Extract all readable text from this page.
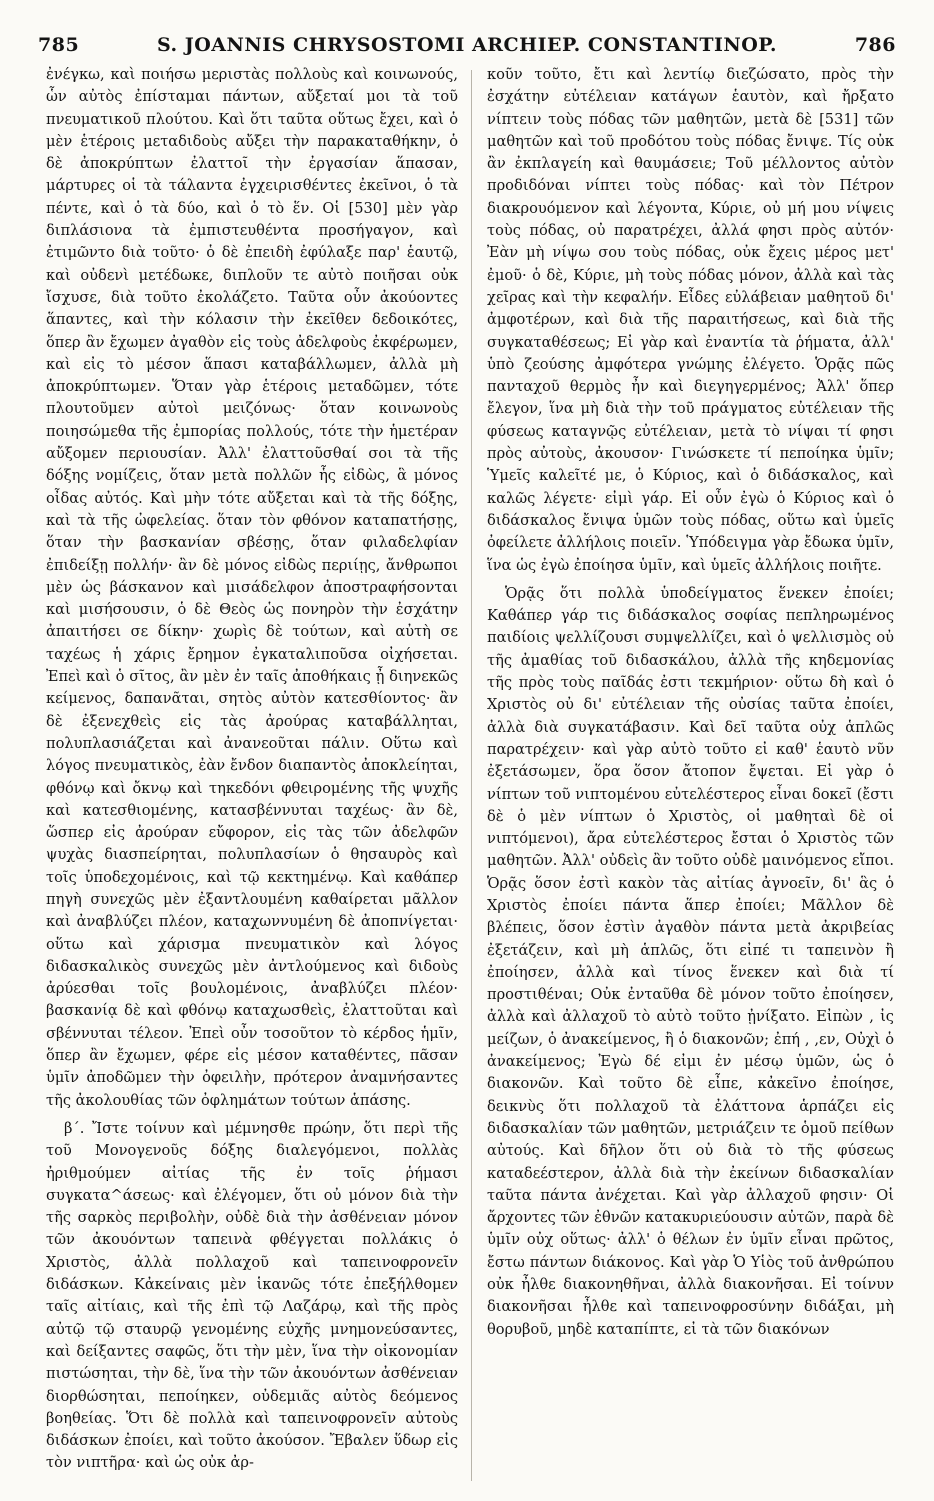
785	S. JOANNIS CHRYSOSTOMI ARCHIEP. CONSTANTINOP.	786

ἐνέγκω, καὶ ποιήσω μεριστὰς πολλοὺς καὶ κοινωνούς, ὧν αὐτὸς ἐπίσταμαι πάντων, αὔξεταί μοι τὰ τοῦ πνευματικοῦ πλούτου. Καὶ ὅτι ταῦτα οὕτως ἔχει, καὶ ὁ μὲν ἑτέροις μεταδιδοὺς αὔξει τὴν παρακαταθήκην, ὁ δὲ ἀποκρύπτων ἐλαττοῖ τὴν ἐργασίαν ἅπασαν, μάρτυρες οἱ τὰ τάλαντα ἐγχειρισθέντες ἐκεῖνοι, ὁ τὰ πέντε, καὶ ὁ τὰ δύο, καὶ ὁ τὸ ἕν. Οἱ [530] μὲν γὰρ διπλάσιονα τὰ ἐμπιστευθέντα προσήγαγον, καὶ ἐτιμῶντο διὰ τοῦτο· ὁ δὲ ἐπειδὴ ἐφύλαξε παρ' ἑαυτῷ, καὶ οὐδενὶ μετέδωκε, διπλοῦν τε αὐτὸ ποιῆσαι οὐκ ἴσχυσε, διὰ τοῦτο ἐκολάζετο. Ταῦτα οὖν ἀκούοντες ἅπαντες, καὶ τὴν κόλασιν τὴν ἐκεῖθεν δεδοικότες, ὅπερ ἂν ἔχωμεν ἀγαθὸν εἰς τοὺς ἀδελφοὺς ἐκφέρωμεν, καὶ εἰς τὸ μέσον ἅπασι καταβάλλωμεν, ἀλλὰ μὴ ἀποκρύπτωμεν. Ὅταν γὰρ ἑτέροις μεταδῶμεν, τότε πλουτοῦμεν αὐτοὶ μειζόνως· ὅταν κοινωνοὺς ποιησώμεθα τῆς ἐμπορίας πολλούς, τότε τὴν ἡμετέραν αὔξομεν περιουσίαν. Ἀλλ' ἐλαττοῦσθαί σοι τὰ τῆς δόξης νομίζεις, ὅταν μετὰ πολλῶν ἧς εἰδὼς, ἃ μόνος οἶδας αὐτός. Καὶ μὴν τότε αὔξεται καὶ τὰ τῆς δόξης, καὶ τὰ τῆς ὠφελείας. ὅταν τὸν φθόνον καταπατήσῃς, ὅταν τὴν βασκανίαν σβέσῃς, ὅταν φιλαδελφίαν ἐπιδείξῃ πολλήν· ἂν δὲ μόνος εἰδὼς περιίῃς, ἄνθρωποι μὲν ὡς βάσκανον καὶ μισάδελφον ἀποστραφήσονται καὶ μισήσουσιν, ὁ δὲ Θεὸς ὡς πονηρὸν τὴν ἐσχάτην ἀπαιτήσει σε δίκην· χωρὶς δὲ τούτων, καὶ αὐτὴ σε ταχέως ἡ χάρις ἔρημον ἐγκαταλιποῦσα οἰχήσεται. Ἐπεὶ καὶ ὁ σῖτος, ἂν μὲν ἐν ταῖς ἀποθήκαις ᾖ διηνεκῶς κείμενος, δαπανᾶται, σητὸς αὐτὸν κατεσθίοντος· ἂν δὲ ἐξενεχθεὶς εἰς τὰς ἀρούρας καταβάλληται, πολυπλασιάζεται καὶ ἀνανεοῦται πάλιν. Οὕτω καὶ λόγος πνευματικὸς, ἐὰν ἔνδον διαπαντὸς ἀποκλείηται, φθόνῳ καὶ ὄκνῳ καὶ τηκεδόνι φθειρομένης τῆς ψυχῆς καὶ κατεσθιομένης, κατασβέννυται ταχέως· ἂν δὲ, ὥσπερ εἰς ἀρούραν εὔφορον, εἰς τὰς τῶν ἀδελφῶν ψυχὰς διασπείρηται, πολυπλασίων ὁ θησαυρὸς καὶ τοῖς ὑποδεχομένοις, καὶ τῷ κεκτημένῳ. Καὶ καθάπερ πηγὴ συνεχῶς μὲν ἐξαντλουμένη καθαίρεται μᾶλλον καὶ ἀναβλύζει πλέον, καταχωννυμένη δὲ ἀποπνίγεται· οὕτω καὶ χάρισμα πνευματικὸν καὶ λόγος διδασκαλικὸς συνεχῶς μὲν ἀντλούμενος καὶ διδοὺς ἀρύεσθαι τοῖς βουλομένοις, ἀναβλύζει πλέον· βασκανίᾳ δὲ καὶ φθόνῳ καταχωσθεὶς, ἐλαττοῦται καὶ σβέννυται τέλεον. Ἐπεὶ οὖν τοσοῦτον τὸ κέρδος ἡμῖν, ὅπερ ἂν ἔχωμεν, φέρε εἰς μέσον καταθέντες, πᾶσαν ὑμῖν ἀποδῶμεν τὴν ὀφειλὴν, πρότερον ἀναμνήσαντες τῆς ἀκολουθίας τῶν ὀφλημάτων τούτων ἁπάσης.

β΄. Ἴστε τοίνυν καὶ μέμνησθε πρώην, ὅτι περὶ τῆς τοῦ Μονογενοῦς δόξης διαλεγόμενοι, πολλὰς ἠριθμούμεν αἰτίας τῆς ἐν τοῖς ῥήμασι συγκατα^άσεως· καὶ ἐλέγομεν, ὅτι οὐ μόνον διὰ τὴν τῆς σαρκὸς περιβολὴν, οὐδὲ διὰ τὴν ἀσθένειαν μόνον τῶν ἀκουόντων ταπεινὰ φθέγγεται πολλάκις ὁ Χριστὸς, ἀλλὰ πολλαχοῦ καὶ ταπεινοφρονεῖν διδάσκων. Κἀκείναις μὲν ἱκανῶς τότε ἐπεξήλθομεν ταῖς αἰτίαις, καὶ τῆς ἐπὶ τῷ Λαζάρῳ, καὶ τῆς πρὸς αὐτῷ τῷ σταυρῷ γενομένης εὐχῆς μνημονεύσαντες, καὶ δείξαντες σαφῶς, ὅτι τὴν μὲν, ἵνα τὴν οἰκονομίαν πιστώσηται, τὴν δὲ, ἵνα τὴν τῶν ἀκουόντων ἀσθένειαν διορθώσηται, πεποίηκεν, οὐδεμιᾶς αὐτὸς δεόμενος βοηθείας. Ὅτι δὲ πολλὰ καὶ ταπεινοφρονεῖν αὐτοὺς διδάσκων ἐποίει, καὶ τοῦτο ἀκούσον. Ἔβαλεν ὕδωρ εἰς τὸν νιπτῆρα· καὶ ὡς οὐκ ἀρ-

κοῦν τοῦτο, ἔτι καὶ λεντίῳ διεζώσατο, πρὸς τὴν ἐσχάτην εὐτέλειαν κατάγων ἑαυτὸν, καὶ ἤρξατο νίπτειν τοὺς πόδας τῶν μαθητῶν, μετὰ δὲ [531] τῶν μαθητῶν καὶ τοῦ προδότου τοὺς πόδας ἔνιψε. Τίς οὐκ ἂν ἐκπλαγείη καὶ θαυμάσειε; Τοῦ μέλλοντος αὐτὸν προδιδόναι νίπτει τοὺς πόδας· καὶ τὸν Πέτρον διακρουόμενον καὶ λέγοντα, Κύριε, οὐ μή μου νίψεις τοὺς πόδας, οὐ παρατρέχει, ἀλλά φησι πρὸς αὐτόν· Ἐὰν μὴ νίψω σου τοὺς πόδας, οὐκ ἔχεις μέρος μετ' ἐμοῦ· ὁ δὲ, Κύριε, μὴ τοὺς πόδας μόνον, ἀλλὰ καὶ τὰς χεῖρας καὶ τὴν κεφαλήν. Εἶδες εὐλάβειαν μαθητοῦ δι' ἀμφοτέρων, καὶ διὰ τῆς παραιτήσεως, καὶ διὰ τῆς συγκαταθέσεως; Εἰ γὰρ καὶ ἐναντία τὰ ῥήματα, ἀλλ' ὑπὸ ζεούσης ἀμφότερα γνώμης ἐλέγετο. Ὁρᾷς πῶς πανταχοῦ θερμὸς ἦν καὶ διεγηγερμένος; Ἀλλ' ὅπερ ἔλεγον, ἵνα μὴ διὰ τὴν τοῦ πράγματος εὐτέλειαν τῆς φύσεως καταγνῷς εὐτέλειαν, μετὰ τὸ νίψαι τί φησι πρὸς αὐτοὺς, ἀκουσον· Γινώσκετε τί πεποίηκα ὑμῖν; Ὑμεῖς καλεῖτέ με, ὁ Κύριος, καὶ ὁ διδάσκαλος, καὶ καλῶς λέγετε· εἰμὶ γάρ. Εἰ οὖν ἐγὼ ὁ Κύριος καὶ ὁ διδάσκαλος ἔνιψα ὑμῶν τοὺς πόδας, οὕτω καὶ ὑμεῖς ὀφείλετε ἀλλήλοις ποιεῖν. Ὑπόδειγμα γὰρ ἔδωκα ὑμῖν, ἵνα ὡς ἐγὼ ἐποίησα ὑμῖν, καὶ ὑμεῖς ἀλλήλοις ποιῆτε.

Ὁρᾷς ὅτι πολλὰ ὑποδείγματος ἕνεκεν ἐποίει; Καθάπερ γάρ τις διδάσκαλος σοφίας πεπληρωμένος παιδίοις ψελλίζουσι συμψελλίζει, καὶ ὁ ψελλισμὸς οὐ τῆς ἀμαθίας τοῦ διδασκάλου, ἀλλὰ τῆς κηδεμονίας τῆς πρὸς τοὺς παῖδάς ἐστι τεκμήριον· οὕτω δὴ καὶ ὁ Χριστὸς οὐ δι' εὐτέλειαν τῆς οὐσίας ταῦτα ἐποίει, ἀλλὰ διὰ συγκατάβασιν. Καὶ δεῖ ταῦτα οὐχ ἁπλῶς παρατρέχειν· καὶ γὰρ αὐτὸ τοῦτο εἰ καθ' ἑαυτὸ νῦν ἐξετάσωμεν, ὅρα ὅσον ἄτοπον ἔψεται. Εἰ γὰρ ὁ νίπτων τοῦ νιπτομένου εὐτελέστερος εἶναι δοκεῖ (ἔστι δὲ ὁ μὲν νίπτων ὁ Χριστὸς, οἱ μαθηταὶ δὲ οἱ νιπτόμενοι), ἄρα εὐτελέστερος ἔσται ὁ Χριστὸς τῶν μαθητῶν. Ἀλλ' οὐδεὶς ἂν τοῦτο οὐδὲ μαινόμενος εἴποι. Ὁρᾷς ὅσον ἐστὶ κακὸν τὰς αἰτίας ἀγνοεῖν, δι' ἃς ὁ Χριστὸς ἐποίει πάντα ἅπερ ἐποίει; Μᾶλλον δὲ βλέπεις, ὅσον ἐστὶν ἀγαθὸν πάντα μετὰ ἀκριβείας ἐξετάζειν, καὶ μὴ ἁπλῶς, ὅτι εἰπέ τι ταπεινὸν ἢ ἐποίησεν, ἀλλὰ καὶ τίνος ἕνεκεν καὶ διὰ τί προστιθέναι; Οὐκ ἐνταῦθα δὲ μόνον τοῦτο ἐποίησεν, ἀλλὰ καὶ ἀλλαχοῦ τὸ αὐτὸ τοῦτο ᾐνίξατο. Εἰπὼν , ἰς μείζων, ὁ ἀνακείμενος, ἢ ὁ διακονῶν; ἐπή , ,εν, Οὐχὶ ὁ ἀνακείμενος; Ἐγὼ δέ εἰμι ἐν μέσῳ ὑμῶν, ὡς ὁ διακονῶν. Καὶ τοῦτο δὲ εἶπε, κἀκεῖνο ἐποίησε, δεικνὺς ὅτι πολλαχοῦ τὰ ἐλάττονα ἁρπάζει εἰς διδασκαλίαν τῶν μαθητῶν, μετριάζειν τε ὁμοῦ πείθων αὐτούς. Καὶ δῆλον ὅτι οὐ διὰ τὸ τῆς φύσεως καταδεέστερον, ἀλλὰ διὰ τὴν ἐκείνων διδασκαλίαν ταῦτα πάντα ἀνέχεται. Καὶ γὰρ ἀλλαχοῦ φησιν· Οἱ ἄρχοντες τῶν ἐθνῶν κατακυριεύουσιν αὐτῶν, παρὰ δὲ ὑμῖν οὐχ οὕτως· ἀλλ' ὁ θέλων ἐν ὑμῖν εἶναι πρῶτος, ἔστω πάντων διάκονος. Καὶ γὰρ Ὁ Υἱὸς τοῦ ἀνθρώπου οὐκ ἦλθε διακονηθῆναι, ἀλλὰ διακονῆσαι. Εἰ τοίνυν διακονῆσαι ἦλθε καὶ ταπεινοφροσύνην διδάξαι, μὴ θορυβοῦ, μηδὲ καταπίπτε, εἰ τὰ τῶν διακόνων
